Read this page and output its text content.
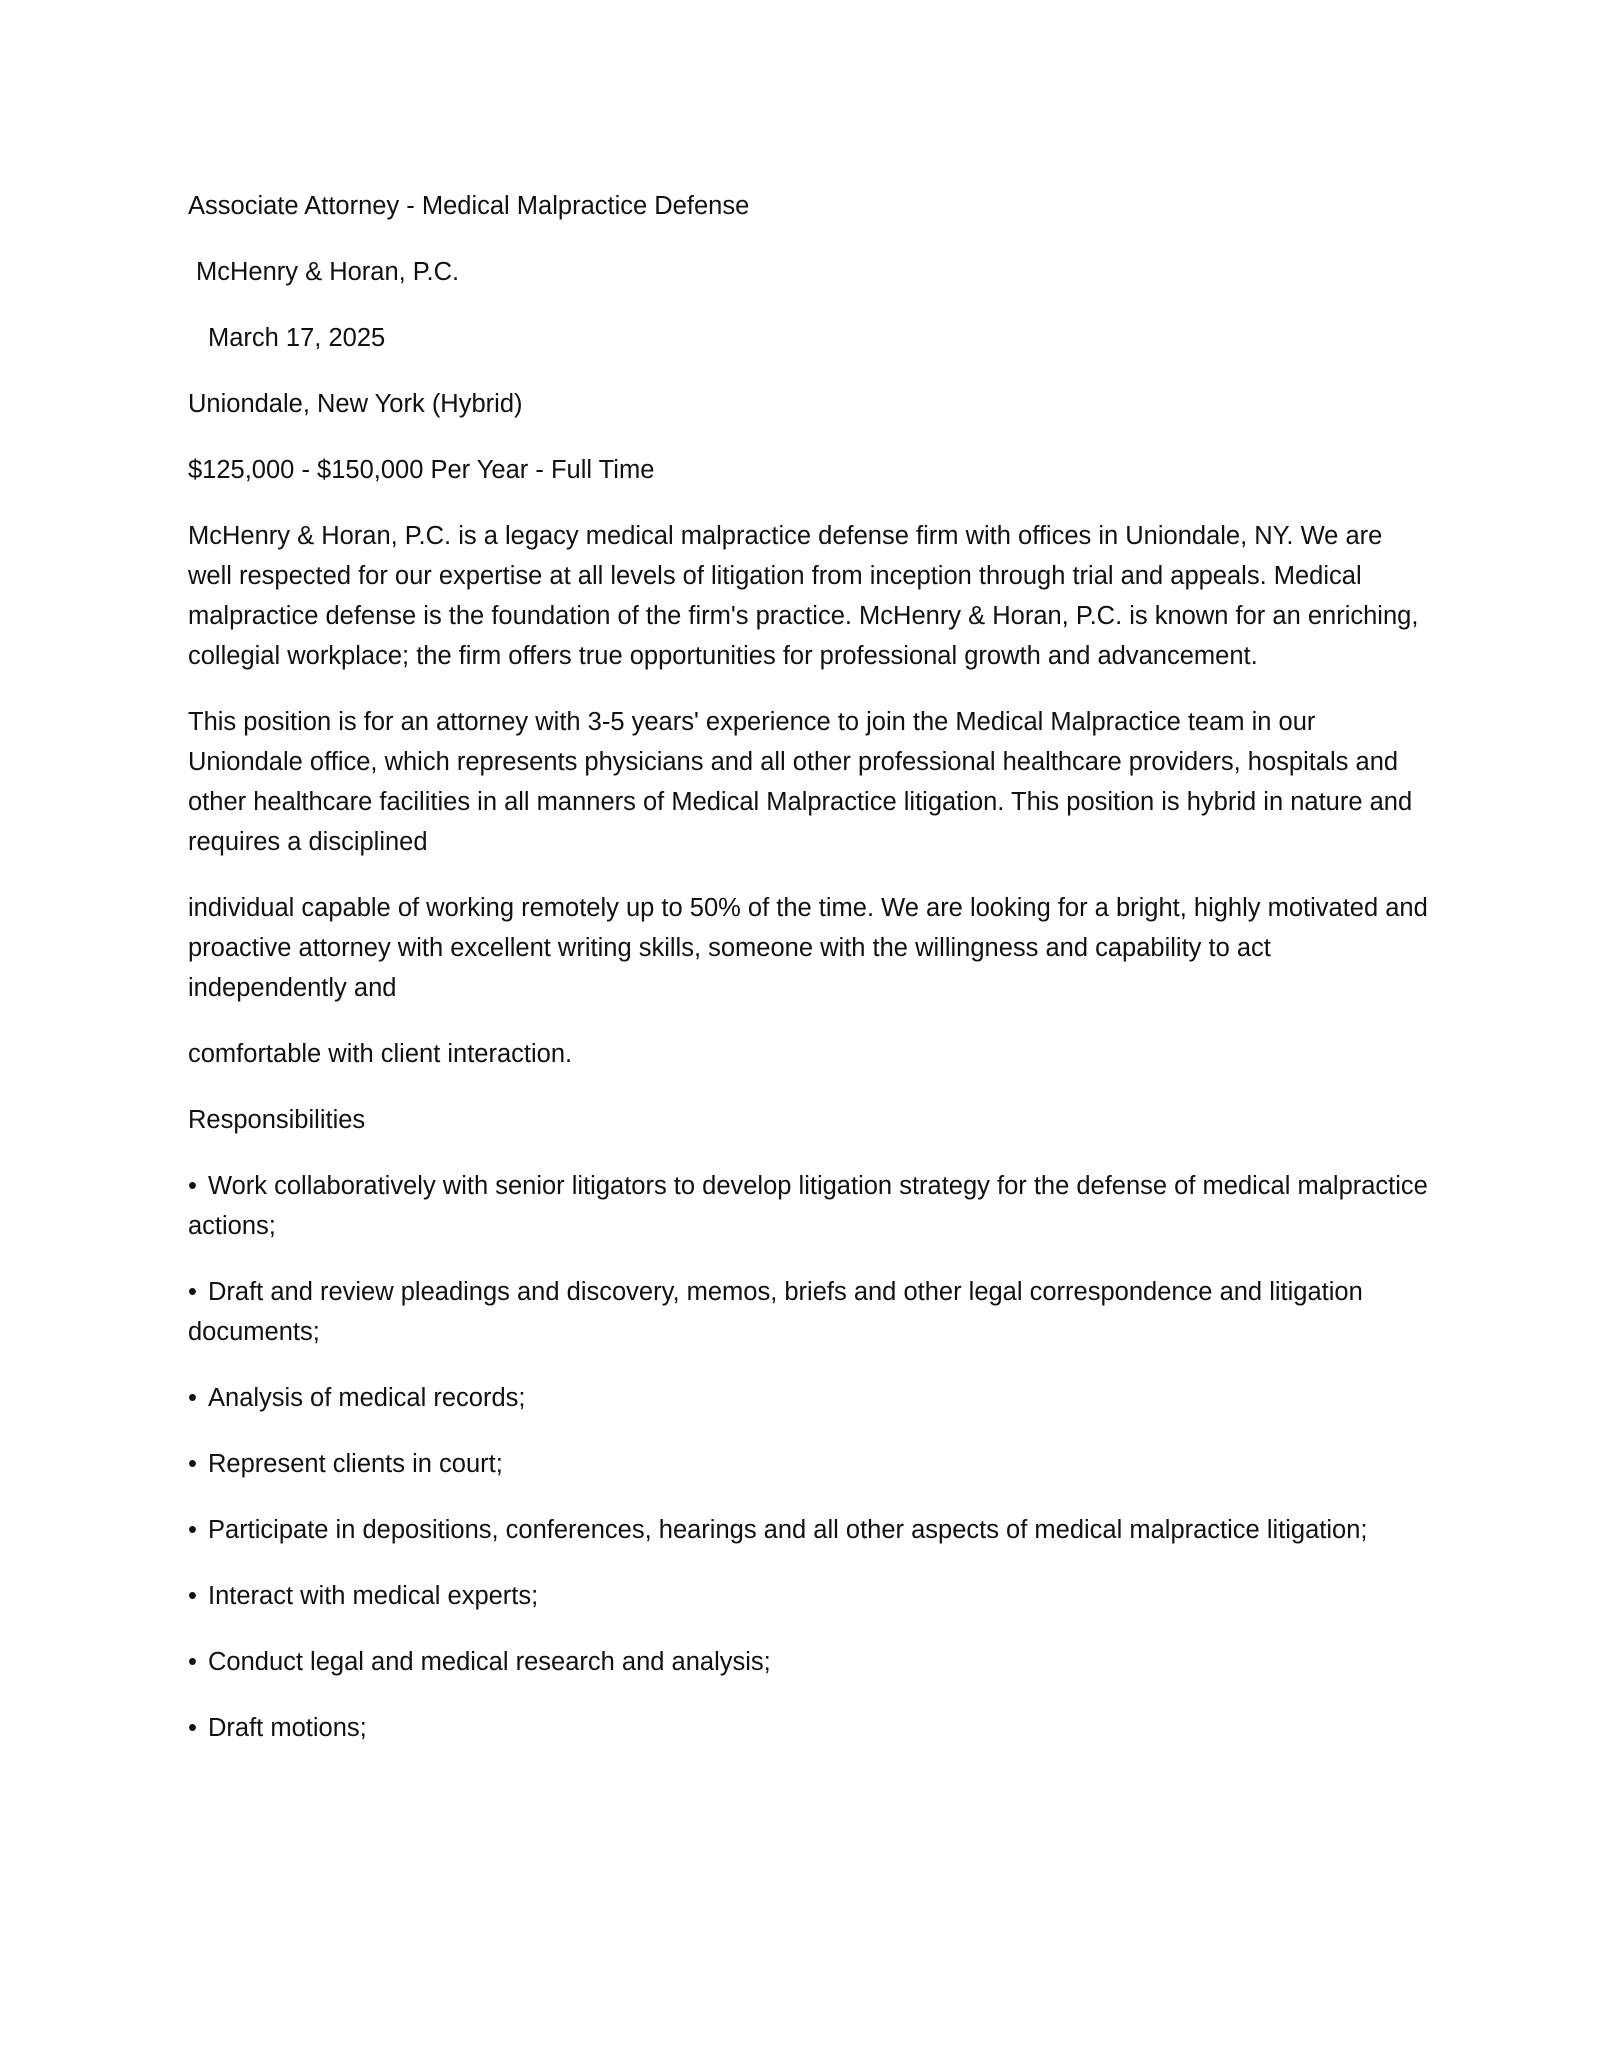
Associate Attorney - Medical Malpractice Defense

McHenry & Horan, P.C.

March 17, 2025

Uniondale, New York (Hybrid)

$125,000 - $150,000 Per Year - Full Time

McHenry & Horan, P.C. is a legacy medical malpractice defense firm with offices in Uniondale, NY. We are well respected for our expertise at all levels of litigation from inception through trial and appeals. Medical malpractice defense is the foundation of the firm's practice. McHenry & Horan, P.C. is known for an enriching, collegial workplace; the firm offers true opportunities for professional growth and advancement.

This position is for an attorney with 3-5 years' experience to join the Medical Malpractice team in our Uniondale office, which represents physicians and all other professional healthcare providers, hospitals and other healthcare facilities in all manners of Medical Malpractice litigation. This position is hybrid in nature and requires a disciplined

individual capable of working remotely up to 50% of the time. We are looking for a bright, highly motivated and proactive attorney with excellent writing skills, someone with the willingness and capability to act independently and

comfortable with client interaction.

Responsibilities

• Work collaboratively with senior litigators to develop litigation strategy for the defense of medical malpractice actions;

• Draft and review pleadings and discovery, memos, briefs and other legal correspondence and litigation documents;

• Analysis of medical records;

• Represent clients in court;

• Participate in depositions, conferences, hearings and all other aspects of medical malpractice litigation;

• Interact with medical experts;

• Conduct legal and medical research and analysis;

• Draft motions;
